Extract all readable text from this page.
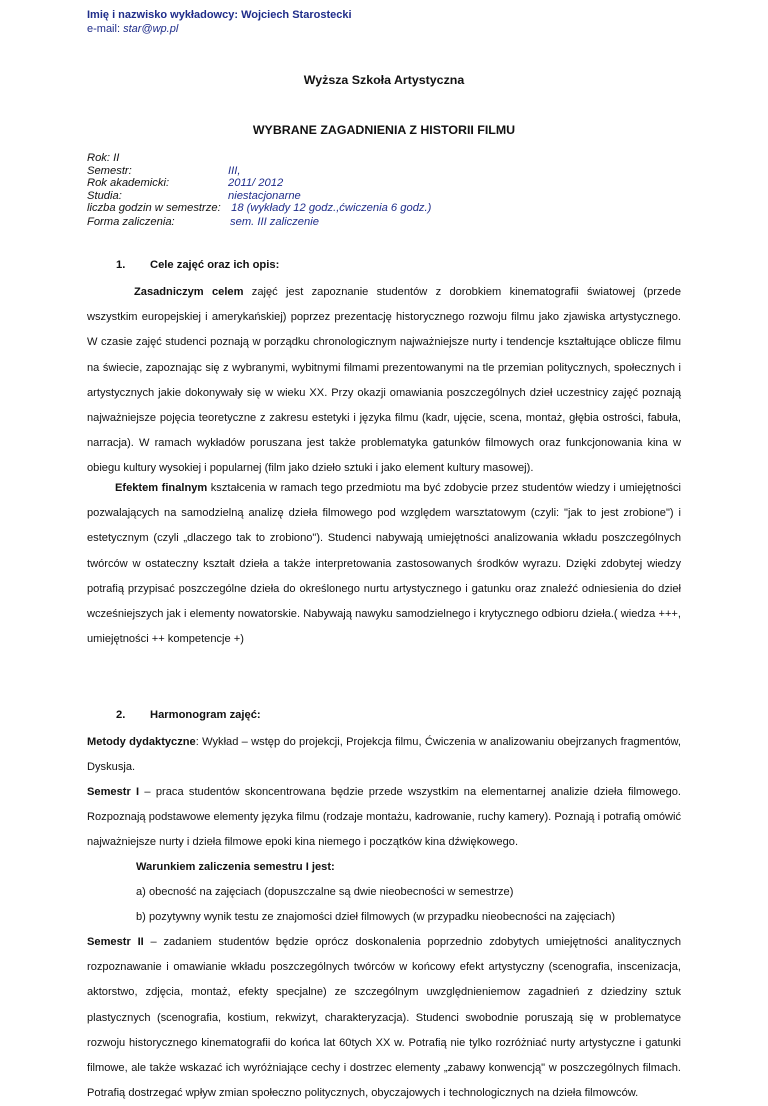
Imię i nazwisko wykładowcy: Wojciech Starostecki
e-mail: star@wp.pl
Wyższa Szkoła Artystyczna
WYBRANE ZAGADNIENIA Z HISTORII FILMU
Rok: II
Semestr:	III,
Rok akademicki:	2011/ 2012
Studia:	niestacjonarne
liczba godzin w semestrze: 18 (wykłady 12 godz.,ćwiczenia 6 godz.)
Forma zaliczenia:	sem. III zaliczenie
1.	Cele zajęć oraz ich opis:
Zasadniczym celem zajęć jest zapoznanie studentów z dorobkiem kinematografii światowej (przede wszystkim europejskiej i amerykańskiej) poprzez prezentację historycznego rozwoju filmu jako zjawiska artystycznego. W czasie zajęć studenci poznają w porządku chronologicznym najważniejsze nurty i tendencje kształtujące oblicze filmu na świecie, zapoznając się z wybranymi, wybitnymi filmami prezentowanymi na tle przemian politycznych, społecznych i artystycznych jakie dokonywały się w wieku XX. Przy okazji omawiania poszczególnych dzieł uczestnicy zajęć poznają najważniejsze pojęcia teoretyczne z zakresu estetyki i języka filmu (kadr, ujęcie, scena, montaż, głębia ostrości, fabuła, narracja). W ramach wykładów poruszana jest także problematyka gatunków filmowych oraz funkcjonowania kina w obiegu kultury wysokiej i popularnej (film jako dzieło sztuki i jako element kultury masowej).
Efektem finalnym kształcenia w ramach tego przedmiotu ma być zdobycie przez studentów wiedzy i umiejętności pozwalających na samodzielną analizę dzieła filmowego pod względem warsztatowym (czyli: "jak to jest zrobione") i estetycznym (czyli „dlaczego tak to zrobiono"). Studenci nabywają umiejętności analizowania wkładu poszczególnych twórców w ostateczny kształt dzieła a także interpretowania zastosowanych środków wyrazu. Dzięki zdobytej wiedzy potrafią przypisać poszczególne dzieła do określonego nurtu artystycznego i gatunku oraz znaleźć odniesienia do dzieł wcześniejszych jak i elementy nowatorskie. Nabywają nawyku samodzielnego i krytycznego odbioru dzieła.( wiedza +++, umiejętności ++ kompetencje +)
2.	Harmonogram zajęć:
Metody dydaktyczne: Wykład – wstęp do projekcji, Projekcja filmu, Ćwiczenia w analizowaniu obejrzanych fragmentów, Dyskusja.
Semestr I – praca studentów skoncentrowana będzie przede wszystkim na elementarnej analizie dzieła filmowego. Rozpoznają podstawowe elementy języka filmu (rodzaje montażu, kadrowanie, ruchy kamery). Poznają i potrafią omówić najważniejsze nurty i dzieła filmowe epoki kina niemego i początków kina dźwiękowego.
Warunkiem zaliczenia semestru I jest:
a) obecność na zajęciach (dopuszczalne są dwie nieobecności w semestrze)
b) pozytywny wynik testu ze znajomości dzieł filmowych (w przypadku nieobecności na zajęciach)
Semestr II – zadaniem studentów będzie oprócz doskonalenia poprzednio zdobytych umiejętności analitycznych rozpoznawanie i omawianie wkładu poszczególnych twórców w końcowy efekt artystyczny (scenografia, inscenizacja, aktorstwo, zdjęcia, montaż, efekty specjalne) ze szczególnym uwzględnieniemow zagadnień z dziedziny sztuk plastycznych (scenografia, kostium, rekwizyt, charakteryzacja). Studenci swobodnie poruszają się w problematyce rozwoju historycznego kinematografii do końca lat 60tych XX w. Potrafią nie tylko rozróżniać nurty artystyczne i gatunki filmowe, ale także wskazać ich wyróżniające cechy i dostrzec elementy „zabawy konwencją" w poszczególnych filmach. Potrafią dostrzegać wpływ zmian społeczno politycznych, obyczajowych i technologicznych na dzieła filmowców.
